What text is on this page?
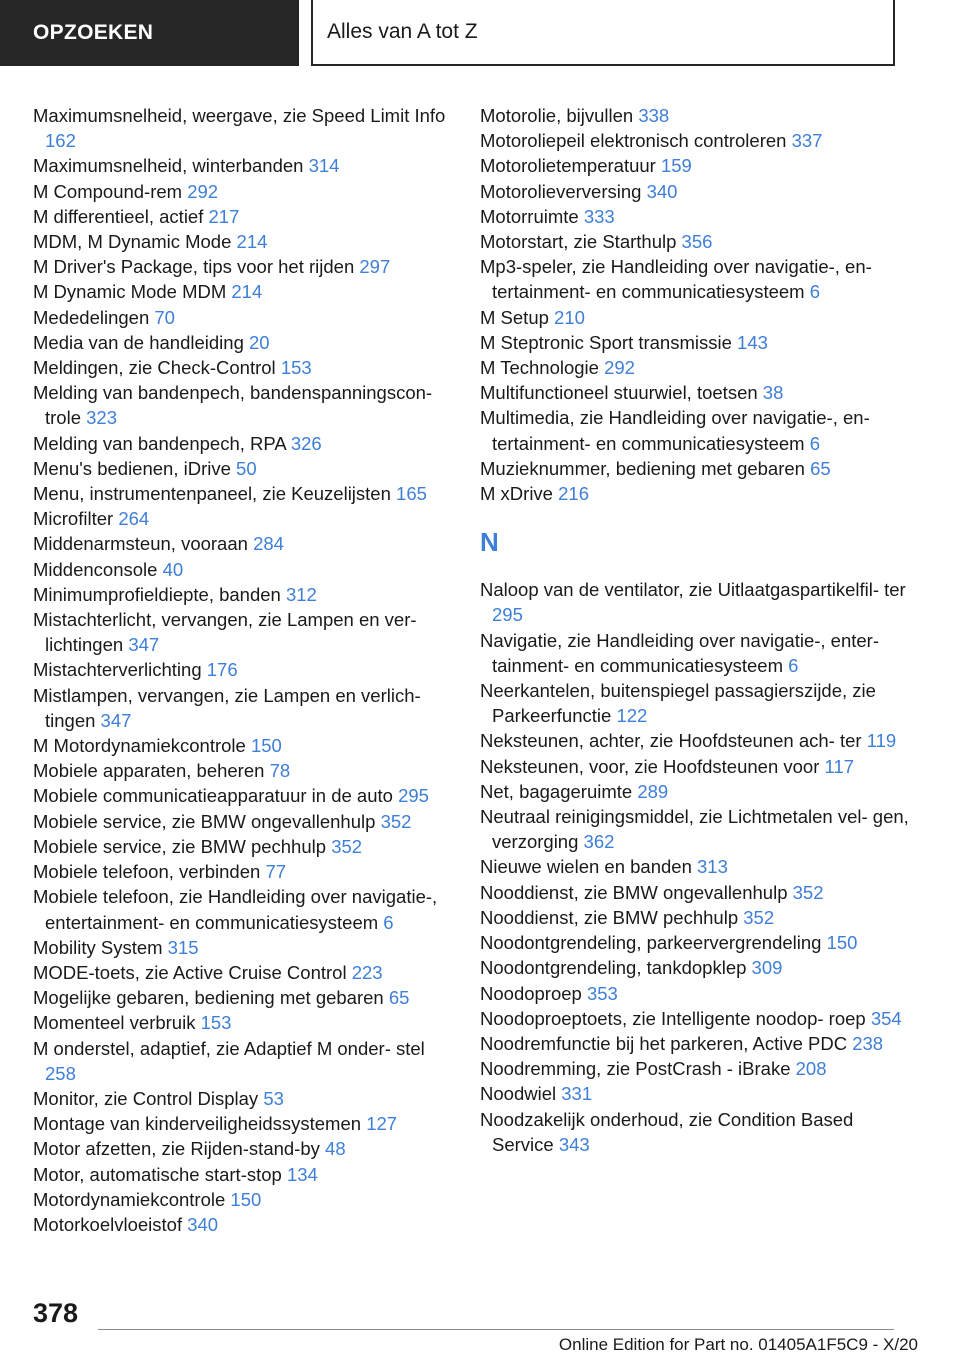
OPZOEKEN	Alles van A tot Z
Maximumsnelheid, weergave, zie Speed Limit Info 162
Maximumsnelheid, winterbanden 314
M Compound-rem 292
M differentieel, actief 217
MDM, M Dynamic Mode 214
M Driver's Package, tips voor het rijden 297
M Dynamic Mode MDM 214
Mededelingen 70
Media van de handleiding 20
Meldingen, zie Check-Control 153
Melding van bandenpech, bandenspanningscon‐ trole 323
Melding van bandenpech, RPA 326
Menu's bedienen, iDrive 50
Menu, instrumentenpaneel, zie Keuzelijsten 165
Microfilter 264
Middenarmsteun, vooraan 284
Middenconsole 40
Minimumprofieldiepte, banden 312
Mistachterlicht, vervangen, zie Lampen en ver‐ lichtingen 347
Mistachterverlichting 176
Mistlampen, vervangen, zie Lampen en verlich‐ tingen 347
M Motordynamiekcontrole 150
Mobiele apparaten, beheren 78
Mobiele communicatieapparatuur in de auto 295
Mobiele service, zie BMW ongevallenhulp 352
Mobiele service, zie BMW pechhulp 352
Mobiele telefoon, verbinden 77
Mobiele telefoon, zie Handleiding over navigatie-, entertainment- en communicatiesysteem 6
Mobility System 315
MODE-toets, zie Active Cruise Control 223
Mogelijke gebaren, bediening met gebaren 65
Momenteel verbruik 153
M onderstel, adaptief, zie Adaptief M onder‐ stel 258
Monitor, zie Control Display 53
Montage van kinderveiligheidssystemen 127
Motor afzetten, zie Rijden-stand-by 48
Motor, automatische start-stop 134
Motordynamiekcontrole 150
Motorkoelvloeistof 340
Motorolie, bijvullen 338
Motoroliepeil elektronisch controleren 337
Motorolietemperatuur 159
Motorolieverversing 340
Motorruimte 333
Motorstart, zie Starthulp 356
Mp3-speler, zie Handleiding over navigatie-, en‐ tertainment- en communicatiesysteem 6
M Setup 210
M Steptronic Sport transmissie 143
M Technologie 292
Multifunctioneel stuurwiel, toetsen 38
Multimedia, zie Handleiding over navigatie-, en‐ tertainment- en communicatiesysteem 6
Muzieknummer, bediening met gebaren 65
M xDrive 216
N
Naloop van de ventilator, zie Uitlaatgaspartikelfil‐ ter 295
Navigatie, zie Handleiding over navigatie-, enter‐ tainment- en communicatiesysteem 6
Neerkantelen, buitenspiegel passagierszijde, zie Parkeerfunctie 122
Neksteunen, achter, zie Hoofdsteunen ach‐ ter 119
Neksteunen, voor, zie Hoofdsteunen voor 117
Net, bagageruimte 289
Neutraal reinigingsmiddel, zie Lichtmetalen vel‐ gen, verzorging 362
Nieuwe wielen en banden 313
Nooddienst, zie BMW ongevallenhulp 352
Nooddienst, zie BMW pechhulp 352
Noodontgrendeling, parkeervergrendeling 150
Noodontgrendeling, tankdopklep 309
Noodoproep 353
Noodoproeptoets, zie Intelligente noodop‐ roep 354
Noodremfunctie bij het parkeren, Active PDC 238
Noodremming, zie PostCrash - iBrake 208
Noodwiel 331
Noodzakelijk onderhoud, zie Condition Based Service 343
378
Online Edition for Part no. 01405A1F5C9 - X/20
